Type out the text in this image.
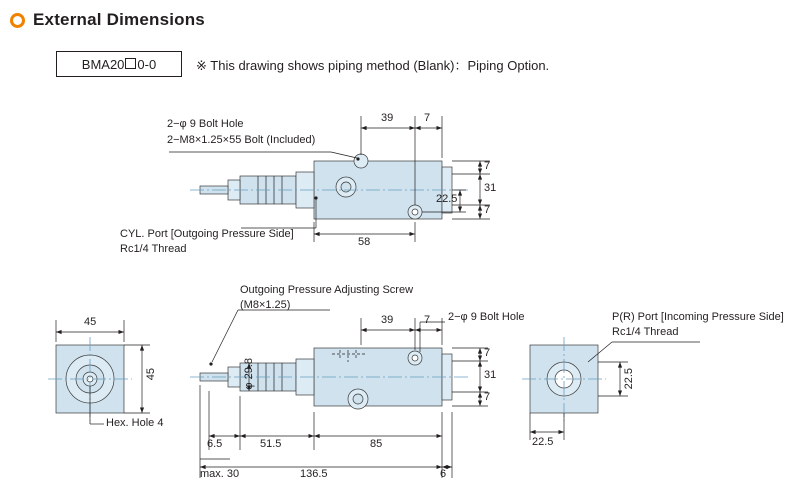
External Dimensions
BMA20 0-0	※ This drawing shows piping method (Blank)：Piping Option.
2−φ 9 Bolt Hole
2−M8×1.25×55 Bolt (Included)
CYL. Port [Outgoing Pressure Side]
Rc1/4 Thread
39	7
7
31
7
22.5
58
Outgoing Pressure Adjusting Screw
(M8×1.25)
2−φ 9 Bolt Hole	P(R) Port [Incoming Pressure Side]
Rc1/4 Thread
φ 29.8
39	7
7
31
7
6.5	51.5	85
max. 30	136.5	6
45
45
Hex. Hole 4
22.5
22.5
